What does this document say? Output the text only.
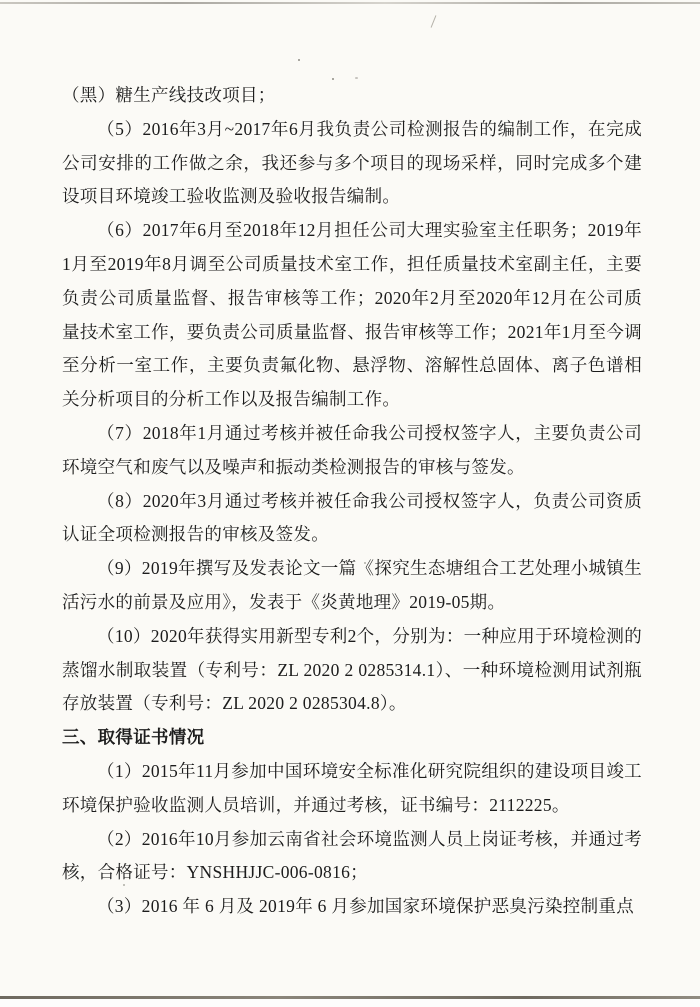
（黑）糖生产线技改项目；

（5）2016年3月~2017年6月我负责公司检测报告的编制工作，在完成公司安排的工作做之余，我还参与多个项目的现场采样，同时完成多个建设项目环境竣工验收监测及验收报告编制。

（6）2017年6月至2018年12月担任公司大理实验室主任职务；2019年1月至2019年8月调至公司质量技术室工作，担任质量技术室副主任，主要负责公司质量监督、报告审核等工作；2020年2月至2020年12月在公司质量技术室工作，要负责公司质量监督、报告审核等工作；2021年1月至今调至分析一室工作，主要负责氟化物、悬浮物、溶解性总固体、离子色谱相关分析项目的分析工作以及报告编制工作。

（7）2018年1月通过考核并被任命我公司授权签字人，主要负责公司环境空气和废气以及噪声和振动类检测报告的审核与签发。

（8）2020年3月通过考核并被任命我公司授权签字人，负责公司资质认证全项检测报告的审核及签发。

（9）2019年撰写及发表论文一篇《探究生态塘组合工艺处理小城镇生活污水的前景及应用》，发表于《炎黄地理》2019-05期。

（10）2020年获得实用新型专利2个，分别为：一种应用于环境检测的蒸馏水制取装置（专利号：ZL 2020 2 0285314.1）、一种环境检测用试剂瓶存放装置（专利号：ZL 2020 2 0285304.8）。

三、取得证书情况

（1）2015年11月参加中国环境安全标准化研究院组织的建设项目竣工环境保护验收监测人员培训，并通过考核，证书编号：2112225。

（2）2016年10月参加云南省社会环境监测人员上岗证考核，并通过考核，合格证号：YNSHHJJC-006-0816；

（3）2016 年 6 月及 2019年 6 月参加国家环境保护恶臭污染控制重点
